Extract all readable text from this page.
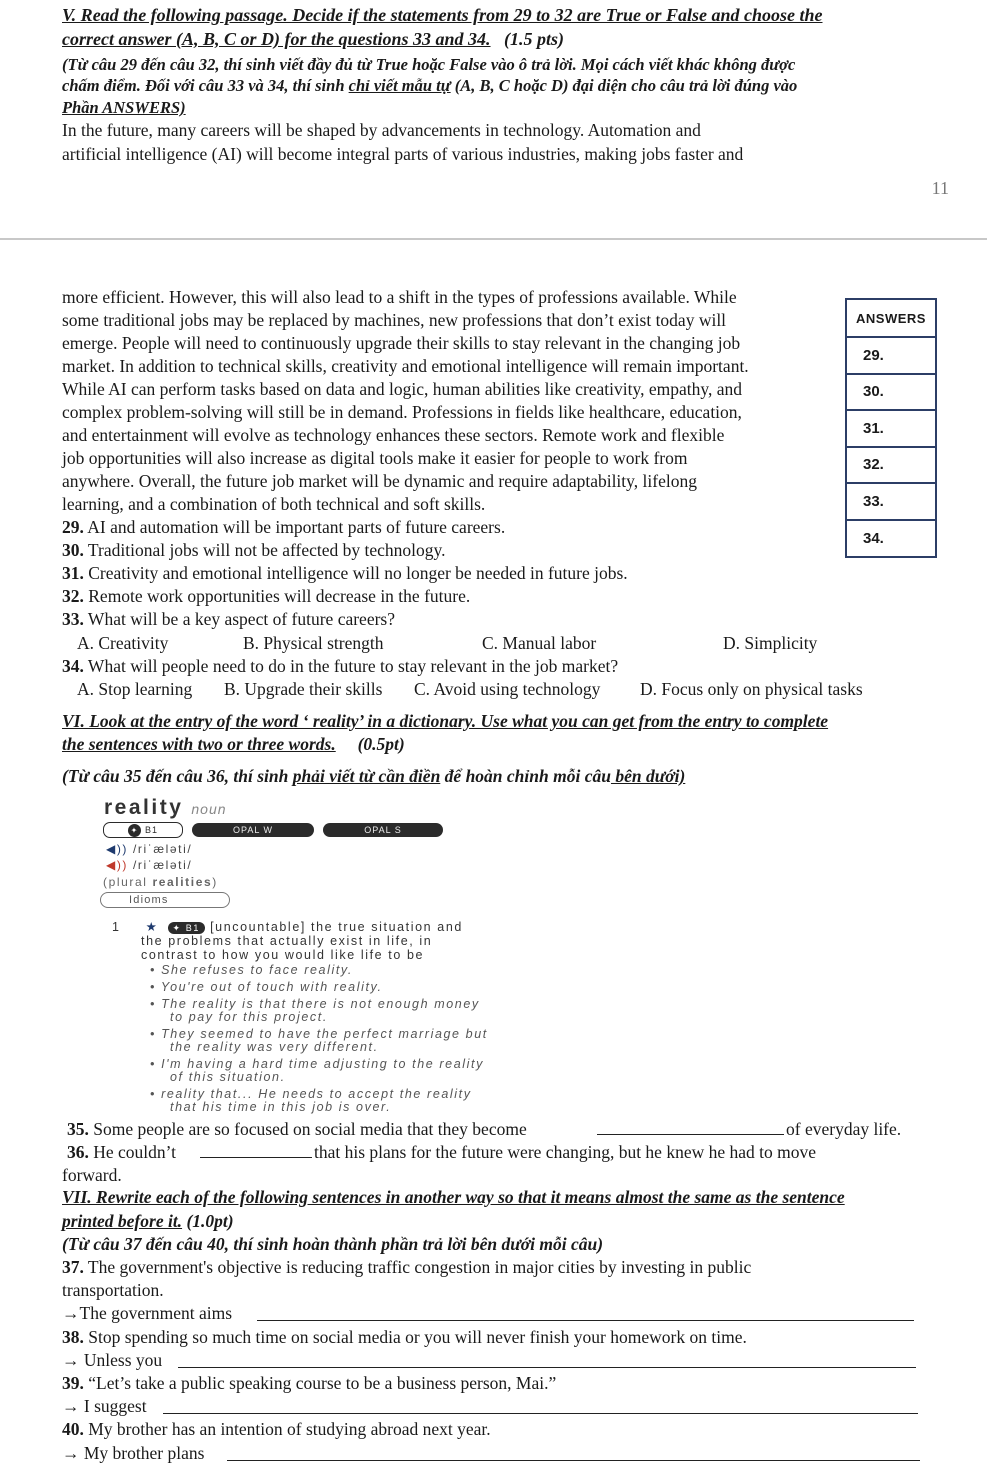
V. Read the following passage. Decide if the statements from 29 to 32 are True or False and choose the
correct answer (A, B, C or D) for the questions 33 and 34. (1.5 pts)
(Từ câu 29 đến câu 32, thí sinh viết đầy đủ từ True hoặc False vào ô trả lời. Mọi cách viết khác không được
chấm điểm. Đối với câu 33 và 34, thí sinh chỉ viết mẫu tự (A, B, C hoặc D) đại diện cho câu trả lời đúng vào
Phần ANSWERS)
In the future, many careers will be shaped by advancements in technology. Automation and
artificial intelligence (AI) will become integral parts of various industries, making jobs faster and
11
more efficient. However, this will also lead to a shift in the types of professions available. While
some traditional jobs may be replaced by machines, new professions that don’t exist today will
emerge. People will need to continuously upgrade their skills to stay relevant in the changing job
market. In addition to technical skills, creativity and emotional intelligence will remain important.
While AI can perform tasks based on data and logic, human abilities like creativity, empathy, and
complex problem-solving will still be in demand. Professions in fields like healthcare, education,
and entertainment will evolve as technology enhances these sectors. Remote work and flexible
job opportunities will also increase as digital tools make it easier for people to work from
anywhere. Overall, the future job market will be dynamic and require adaptability, lifelong
learning, and a combination of both technical and soft skills.
ANSWERS
29.
30.
31.
32.
33.
34.
29. AI and automation will be important parts of future careers.
30. Traditional jobs will not be affected by technology.
31. Creativity and emotional intelligence will no longer be needed in future jobs.
32. Remote work opportunities will decrease in the future.
33. What will be a key aspect of future careers?
A. Creativity	B. Physical strength	C. Manual labor	D. Simplicity
34. What will people need to do in the future to stay relevant in the job market?
A. Stop learning B. Upgrade their skills C. Avoid using technology D. Focus only on physical tasks
VI. Look at the entry of the word ‘ reality’ in a dictionary. Use what you can get from the entry to complete
the sentences with two or three words. (0.5pt)
(Từ câu 35 đến câu 36, thí sinh phải viết từ cần điền để hoàn chỉnh mỗi câu bên dưới)
reality noun
✦ B1	OPAL W	OPAL S
◀︎)) /riˈæləti/
◀︎)) /riˈæləti/
(plural realities)
Idioms
1 ★ ✦ B1 [uncountable] the true situation and
the problems that actually exist in life, in
contrast to how you would like life to be
• She refuses to face reality.
• You're out of touch with reality.
• The reality is that there is not enough money
to pay for this project.
• They seemed to have the perfect marriage but
the reality was very different.
• I'm having a hard time adjusting to the reality
of this situation.
• reality that... He needs to accept the reality
that his time in this job is over.
35. Some people are so focused on social media that they become	of everyday life.
36. He couldn’t	that his plans for the future were changing, but he knew he had to move
forward.
VII. Rewrite each of the following sentences in another way so that it means almost the same as the sentence
printed before it. (1.0pt)
(Từ câu 37 đến câu 40, thí sinh hoàn thành phần trả lời bên dưới mỗi câu)
37. The government's objective is reducing traffic congestion in major cities by investing in public
transportation.
→The government aims
38. Stop spending so much time on social media or you will never finish your homework on time.
→ Unless you
39. “Let’s take a public speaking course to be a business person, Mai.”
→ I suggest
40. My brother has an intention of studying abroad next year.
→ My brother plans
